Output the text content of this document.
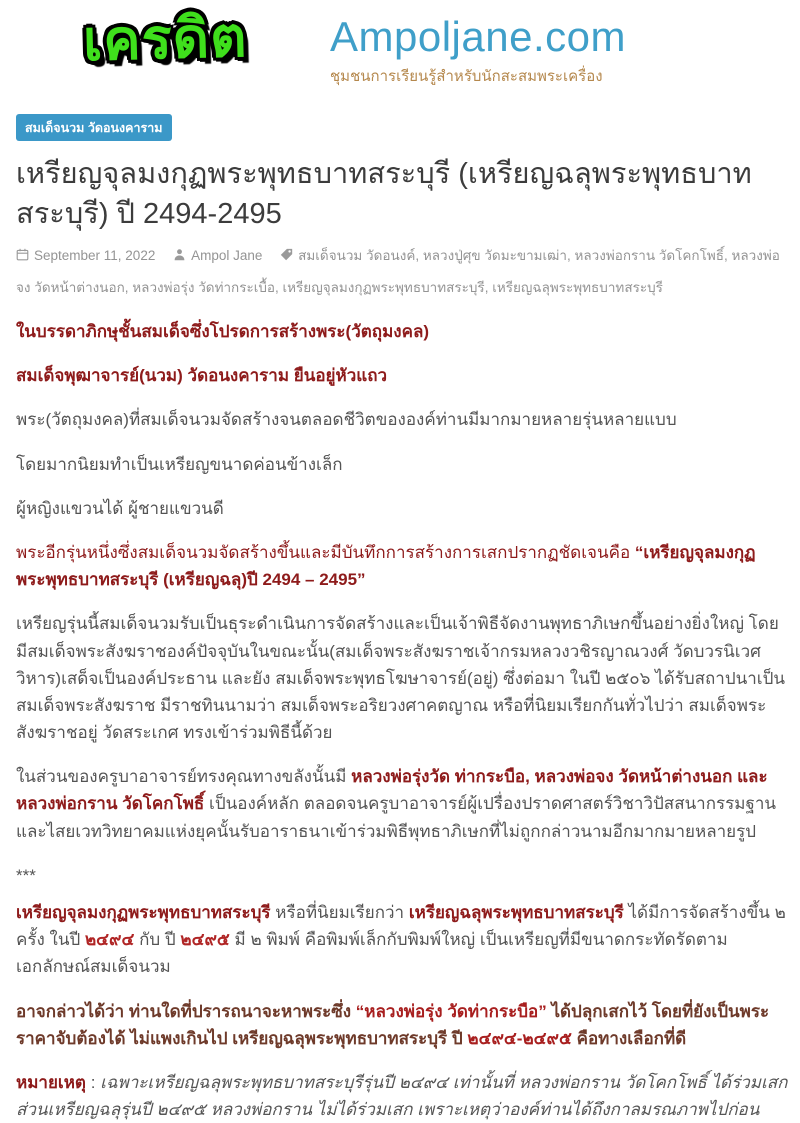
เครดิต Ampoljane.com
ชุมชนการเรียนรู้สำหรับนักสะสมพระเครื่อง
สมเด็จนวม วัดอนงคาราม
เหรียญจุลมงกุฏพระพุทธบาทสระบุรี (เหรียญฉลุพระพุทธบาทสระบุรี) ปี 2494-2495
September 11, 2022	Ampol Jane	สมเด็จนวม วัดอนงค์, หลวงปู่ศุข วัดมะขามเฒ่า, หลวงพ่อกราน วัดโคกโพธิ์, หลวงพ่อจง วัดหน้าต่างนอก, หลวงพ่อรุ่ง วัดท่ากระเบื้อ, เหรียญจุลมงกุฏพระพุทธบาทสระบุรี, เหรียญฉลุพระพุทธบาทสระบุรี

ในบรรดาภิกษุชั้นสมเด็จซึ่งโปรดการสร้างพระ(วัตถุมงคล)

สมเด็จพุฒาจารย์(นวม) วัดอนงคาราม ยืนอยู่หัวแถว

พระ(วัตถุมงคล)ที่สมเด็จนวมจัดสร้างจนตลอดชีวิตขององค์ท่านมีมากมายหลายรุ่นหลายแบบ

โดยมากนิยมทำเป็นเหรียญขนาดค่อนข้างเล็ก

ผู้หญิงแขวนได้ ผู้ชายแขวนดี

พระอีกรุ่นหนึ่งซึ่งสมเด็จนวมจัดสร้างขึ้นและมีบันทึกการสร้างการเสกปรากฏชัดเจนคือ “เหรียญจุลมงกุฏพระพุทธบาทสระบุรี (เหรียญฉลุ)ปี 2494 – 2495”

เหรียญรุ่นนี้สมเด็จนวมรับเป็นธุระดำเนินการจัดสร้างและเป็นเจ้าพิธีจัดงานพุทธาภิเษกขึ้นอย่างยิ่งใหญ่ โดยมีสมเด็จพระสังฆราชองค์ปัจจุบันในขณะนั้น(สมเด็จพระสังฆราชเจ้ากรมหลวงวชิรญาณวงศ์ วัดบวรนิเวศวิหาร)เสด็จเป็นองค์ประธาน และยัง สมเด็จพระพุทธโฆษาจารย์(อยู่) ซึ่งต่อมา ในปี ๒๕๐๖ ได้รับสถาปนาเป็นสมเด็จพระสังฆราช มีราชทินนามว่า สมเด็จพระอริยวงศาคตญาณ หรือที่นิยมเรียกกันทั่วไปว่า สมเด็จพระสังฆราชอยู่ วัดสระเกศ ทรงเข้าร่วมพิธีนี้ด้วย

ในส่วนของครูบาอาจารย์ทรงคุณทางขลังนั้นมี หลวงพ่อรุ่งวัด ท่ากระบือ, หลวงพ่อจง วัดหน้าต่างนอก และ หลวงพ่อกราน วัดโคกโพธิ์ เป็นองค์หลัก ตลอดจนครูบาอาจารย์ผู้เปรื่องปราดศาสตร์วิชาวิปัสสนากรรมฐานและไสยเวทวิทยาคมแห่งยุคนั้นรับอาราธนาเข้าร่วมพิธีพุทธาภิเษกที่ไม่ถูกกล่าวนามอีกมากมายหลายรูป

***

เหรียญจุลมงกุฏพระพุทธบาทสระบุรี หรือที่นิยมเรียกว่า เหรียญฉลุพระพุทธบาทสระบุรี ได้มีการจัดสร้างขึ้น ๒ ครั้ง ในปี ๒๔๙๔ กับ ปี ๒๔๙๕ มี ๒ พิมพ์ คือพิมพ์เล็กกับพิมพ์ใหญ่ เป็นเหรียญที่มีขนาดกระทัดรัดตามเอกลักษณ์สมเด็จนวม

อาจกล่าวได้ว่า ท่านใดที่ปรารถนาจะหาพระซึ่ง “หลวงพ่อรุ่ง วัดท่ากระบือ” ได้ปลุกเสกไว้ โดยที่ยังเป็นพระราคาจับต้องได้ ไม่แพงเกินไป เหรียญฉลุพระพุทธบาทสระบุรี ปี ๒๔๙๔-๒๔๙๕ คือทางเลือกที่ดี

หมายเหตุ : เฉพาะเหรียญฉลุพระพุทธบาทสระบุรีรุ่นปี ๒๔๙๔ เท่านั้นที่ หลวงพ่อกราน วัดโคกโพธิ์ ได้ร่วมเสก ส่วนเหรียญฉลุรุ่นปี ๒๔๙๕ หลวงพ่อกราน ไม่ได้ร่วมเสก เพราะเหตุว่าองค์ท่านได้ถึงกาลมรณภาพไปก่อน
